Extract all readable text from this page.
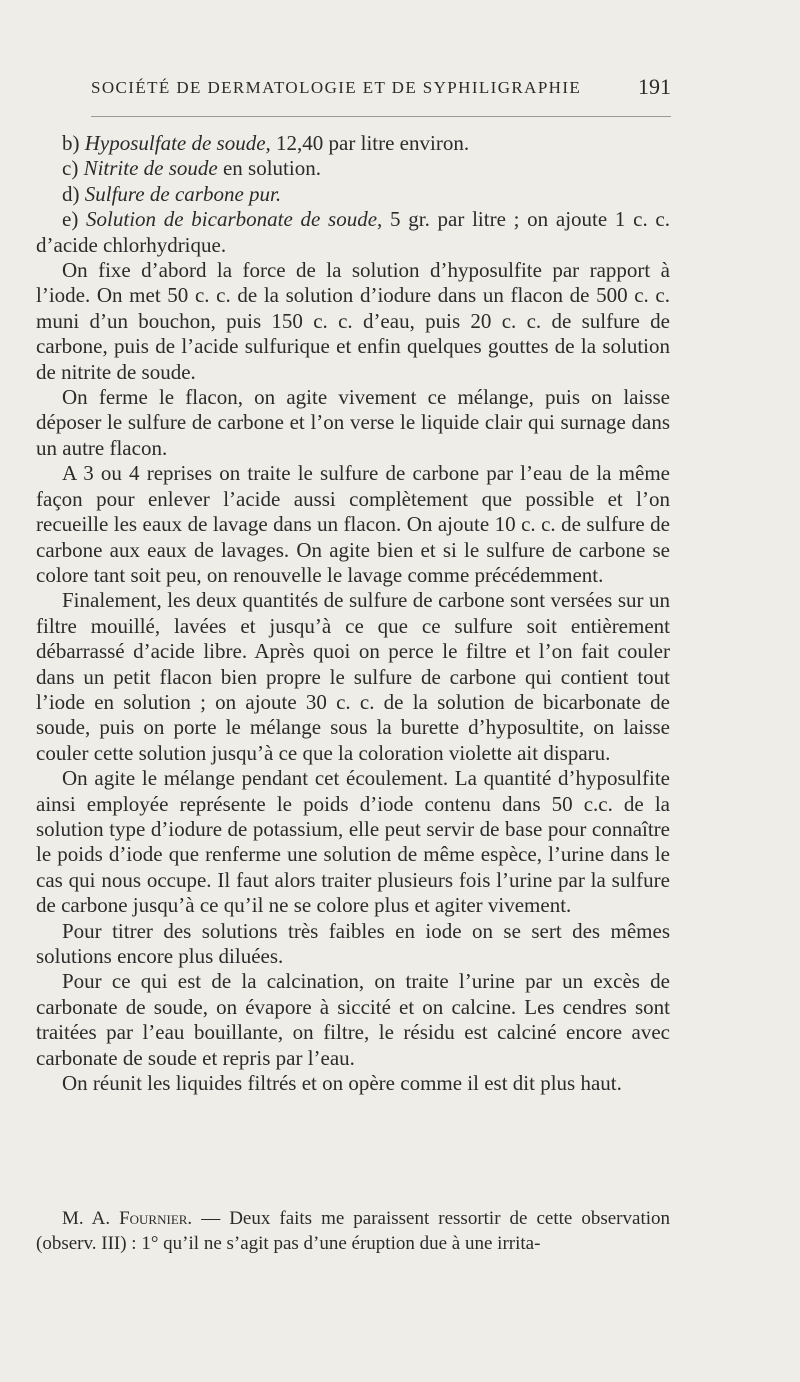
SOCIÉTÉ DE DERMATOLOGIE ET DE SYPHILIGRAPHIE	191

b) Hyposulfate de soude, 12,40 par litre environ.

c) Nitrite de soude en solution.

d) Sulfure de carbone pur.

e) Solution de bicarbonate de soude, 5 gr. par litre ; on ajoute 1 c. c. d’acide chlorhydrique.

On fixe d’abord la force de la solution d’hyposulfite par rapport à l’iode. On met 50 c. c. de la solution d’iodure dans un flacon de 500 c. c. muni d’un bouchon, puis 150 c. c. d’eau, puis 20 c. c. de sulfure de carbone, puis de l’acide sulfurique et enfin quelques gouttes de la solution de nitrite de soude.

On ferme le flacon, on agite vivement ce mélange, puis on laisse déposer le sulfure de carbone et l’on verse le liquide clair qui surnage dans un autre flacon.

A 3 ou 4 reprises on traite le sulfure de carbone par l’eau de la même façon pour enlever l’acide aussi complètement que possible et l’on recueille les eaux de lavage dans un flacon. On ajoute 10 c. c. de sulfure de carbone aux eaux de lavages. On agite bien et si le sulfure de carbone se colore tant soit peu, on renouvelle le lavage comme précédemment.

Finalement, les deux quantités de sulfure de carbone sont versées sur un filtre mouillé, lavées et jusqu’à ce que ce sulfure soit entièrement débarrassé d’acide libre. Après quoi on perce le filtre et l’on fait couler dans un petit flacon bien propre le sulfure de carbone qui contient tout l’iode en solution ; on ajoute 30 c. c. de la solution de bicarbonate de soude, puis on porte le mélange sous la burette d’hyposultite, on laisse couler cette solution jusqu’à ce que la coloration violette ait disparu.

On agite le mélange pendant cet écoulement. La quantité d’hyposulfite ainsi employée représente le poids d’iode contenu dans 50 c.c. de la solution type d’iodure de potassium, elle peut servir de base pour connaître le poids d’iode que renferme une solution de même espèce, l’urine dans le cas qui nous occupe. Il faut alors traiter plusieurs fois l’urine par la sulfure de carbone jusqu’à ce qu’il ne se colore plus et agiter vivement.

Pour titrer des solutions très faibles en iode on se sert des mêmes solutions encore plus diluées.

Pour ce qui est de la calcination, on traite l’urine par un excès de carbonate de soude, on évapore à siccité et on calcine. Les cendres sont traitées par l’eau bouillante, on filtre, le résidu est calciné encore avec carbonate de soude et repris par l’eau.

On réunit les liquides filtrés et on opère comme il est dit plus haut.

M. A. Fournier. — Deux faits me paraissent ressortir de cette observation (observ. III) : 1° qu’il ne s’agit pas d’une éruption due à une irrita-
